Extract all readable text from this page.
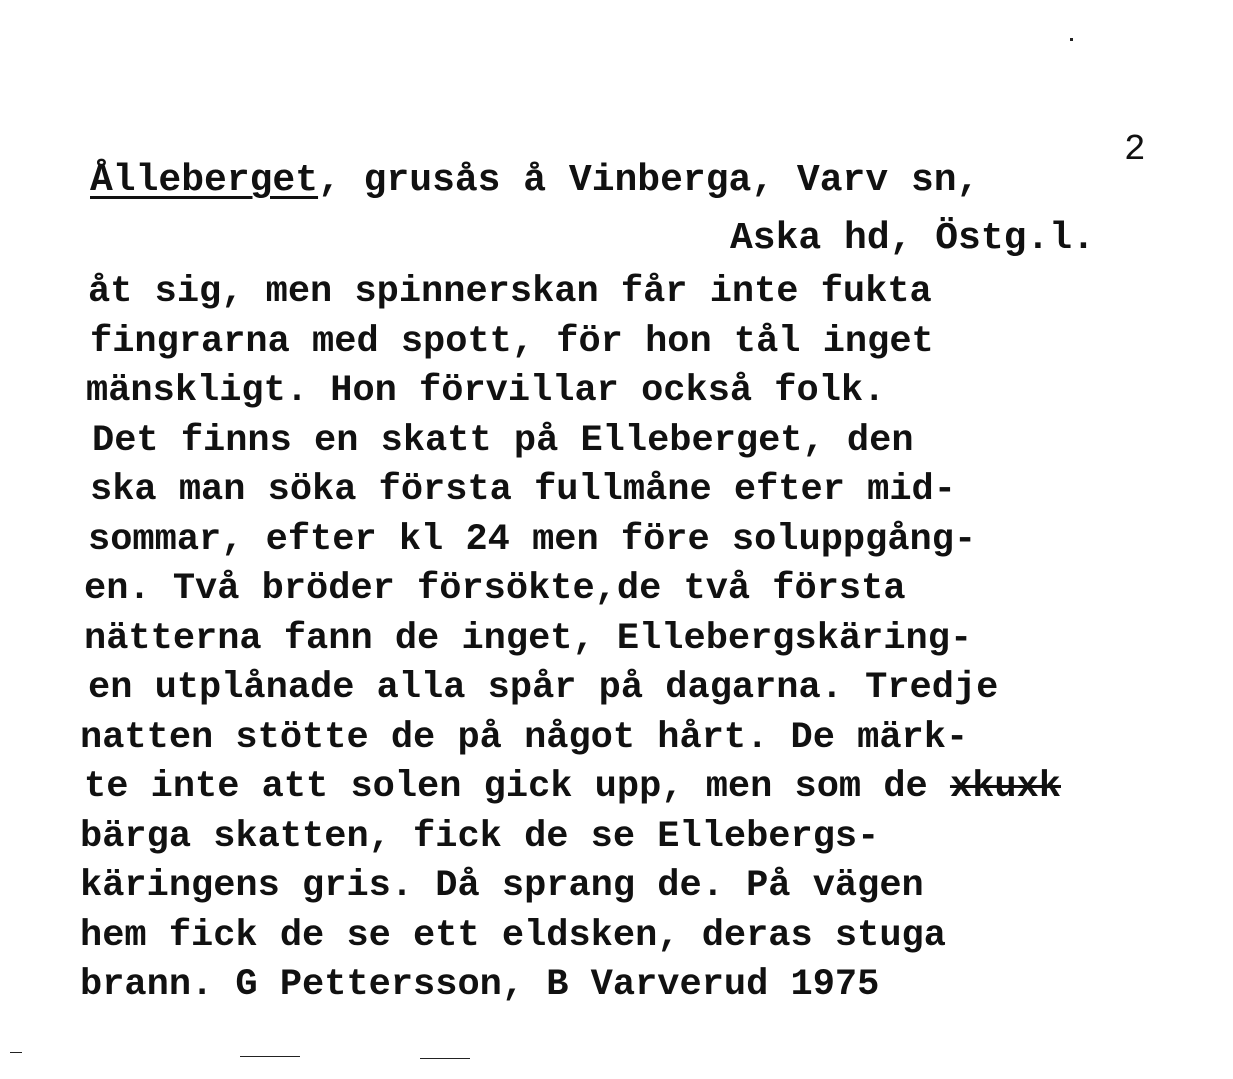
2
Ålleberget, grusås å Vinberga, Varv sn,
Aska hd, Östg.l.
åt sig, men spinnerskan får inte fukta
fingrarna med spott, för hon tål inget
mänskligt. Hon förvillar också folk.
Det finns en skatt på Elleberget, den
ska man söka första fullmåne efter mid-
sommar, efter kl 24 men före soluppgång-
en. Två bröder försökte,de två första
nätterna fann de inget, Ellebergskäring-
en utplånade alla spår på dagarna. Tredje
natten stötte de på något hårt. De märk-
te inte att solen gick upp, men som de xkuxk
bärga skatten, fick de se Ellebergs-
käringens gris. Då sprang de. På vägen
hem fick de se ett eldsken, deras stuga
brann. G Pettersson, B Varverud 1975
